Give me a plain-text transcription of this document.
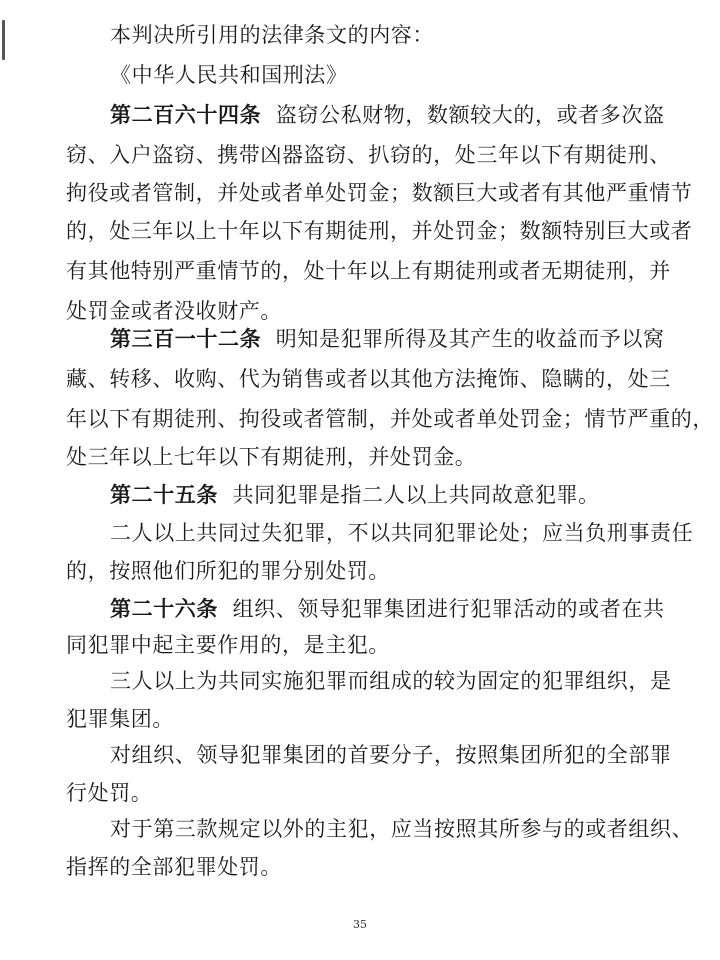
本判决所引用的法律条文的内容：
《中华人民共和国刑法》
第二百六十四条 盗窃公私财物，数额较大的，或者多次盗
窃、入户盗窃、携带凶器盗窃、扒窃的，处三年以下有期徒刑、
拘役或者管制，并处或者单处罚金；数额巨大或者有其他严重情节
的，处三年以上十年以下有期徒刑，并处罚金；数额特别巨大或者
有其他特别严重情节的，处十年以上有期徒刑或者无期徒刑，并
处罚金或者没收财产。
第三百一十二条 明知是犯罪所得及其产生的收益而予以窝
藏、转移、收购、代为销售或者以其他方法掩饰、隐瞒的，处三
年以下有期徒刑、拘役或者管制，并处或者单处罚金；情节严重的，
处三年以上七年以下有期徒刑，并处罚金。
第二十五条 共同犯罪是指二人以上共同故意犯罪。
二人以上共同过失犯罪，不以共同犯罪论处；应当负刑事责任
的，按照他们所犯的罪分别处罚。
第二十六条 组织、领导犯罪集团进行犯罪活动的或者在共
同犯罪中起主要作用的，是主犯。
三人以上为共同实施犯罪而组成的较为固定的犯罪组织，是
犯罪集团。
对组织、领导犯罪集团的首要分子，按照集团所犯的全部罪
行处罚。
对于第三款规定以外的主犯，应当按照其所参与的或者组织、
指挥的全部犯罪处罚。
35
